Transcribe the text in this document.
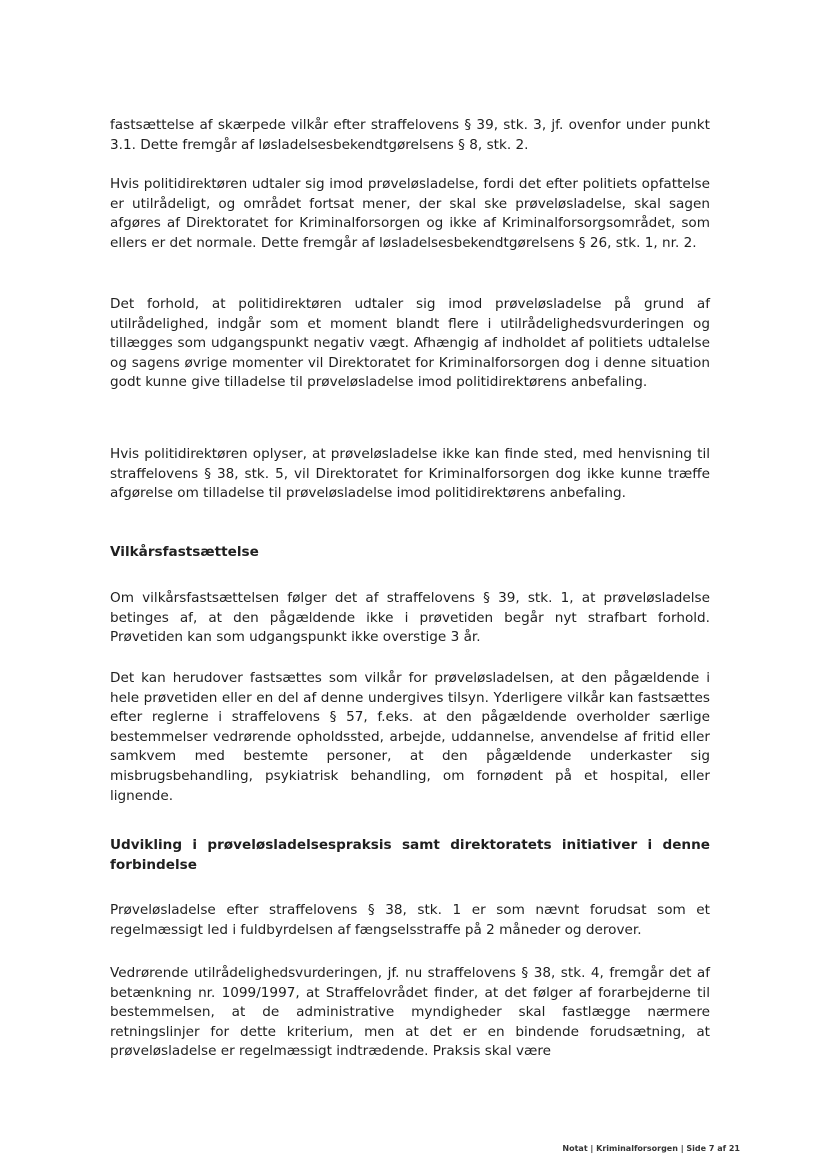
fastsættelse af skærpede vilkår efter straffelovens § 39, stk. 3, jf. ovenfor under punkt 3.1. Dette fremgår af løsladelsesbekendtgørelsens § 8, stk. 2.

Hvis politidirektøren udtaler sig imod prøveløsladelse, fordi det efter politiets opfattelse er utilrådeligt, og området fortsat mener, der skal ske prøveløsladelse, skal sagen afgøres af Direktoratet for Kriminalforsorgen og ikke af Kriminalforsorgsområdet, som ellers er det normale. Dette fremgår af løsladelsesbekendtgørelsens § 26, stk. 1, nr. 2.

Det forhold, at politidirektøren udtaler sig imod prøveløsladelse på grund af utilrådelighed, indgår som et moment blandt flere i utilrådelighedsvurderingen og tillægges som udgangspunkt negativ vægt. Afhængig af indholdet af politiets udtalelse og sagens øvrige momenter vil Direktoratet for Kriminalforsorgen dog i denne situation godt kunne give tilladelse til prøveløsladelse imod politidirektørens anbefaling.

Hvis politidirektøren oplyser, at prøveløsladelse ikke kan finde sted, med henvisning til straffelovens § 38, stk. 5, vil Direktoratet for Kriminalforsorgen dog ikke kunne træffe afgørelse om tilladelse til prøveløsladelse imod politidirektørens anbefaling.

Vilkårsfastsættelse

Om vilkårsfastsættelsen følger det af straffelovens § 39, stk. 1, at prøveløsladelse betinges af, at den pågældende ikke i prøvetiden begår nyt strafbart forhold. Prøvetiden kan som udgangspunkt ikke overstige 3 år.

Det kan herudover fastsættes som vilkår for prøveløsladelsen, at den pågældende i hele prøvetiden eller en del af denne undergives tilsyn. Yderligere vilkår kan fastsættes efter reglerne i straffelovens § 57, f.eks. at den pågældende overholder særlige bestemmelser vedrørende opholdssted, arbejde, uddannelse, anvendelse af fritid eller samkvem med bestemte personer, at den pågældende underkaster sig misbrugsbehandling, psykiatrisk behandling, om fornødent på et hospital, eller lignende.

Udvikling i prøveløsladelsespraksis samt direktoratets initiativer i denne forbindelse

Prøveløsladelse efter straffelovens § 38, stk. 1 er som nævnt forudsat som et regelmæssigt led i fuldbyrdelsen af fængselsstraffe på 2 måneder og derover.

Vedrørende utilrådelighedsvurderingen, jf. nu straffelovens § 38, stk. 4, fremgår det af betænkning nr. 1099/1997, at Straffelovrådet finder, at det følger af forarbejderne til bestemmelsen, at de administrative myndigheder skal fastlægge nærmere retningslinjer for dette kriterium, men at det er en bindende forudsætning, at prøveløsladelse er regelmæssigt indtrædende. Praksis skal være

Notat | Kriminalforsorgen | Side 7 af 21
